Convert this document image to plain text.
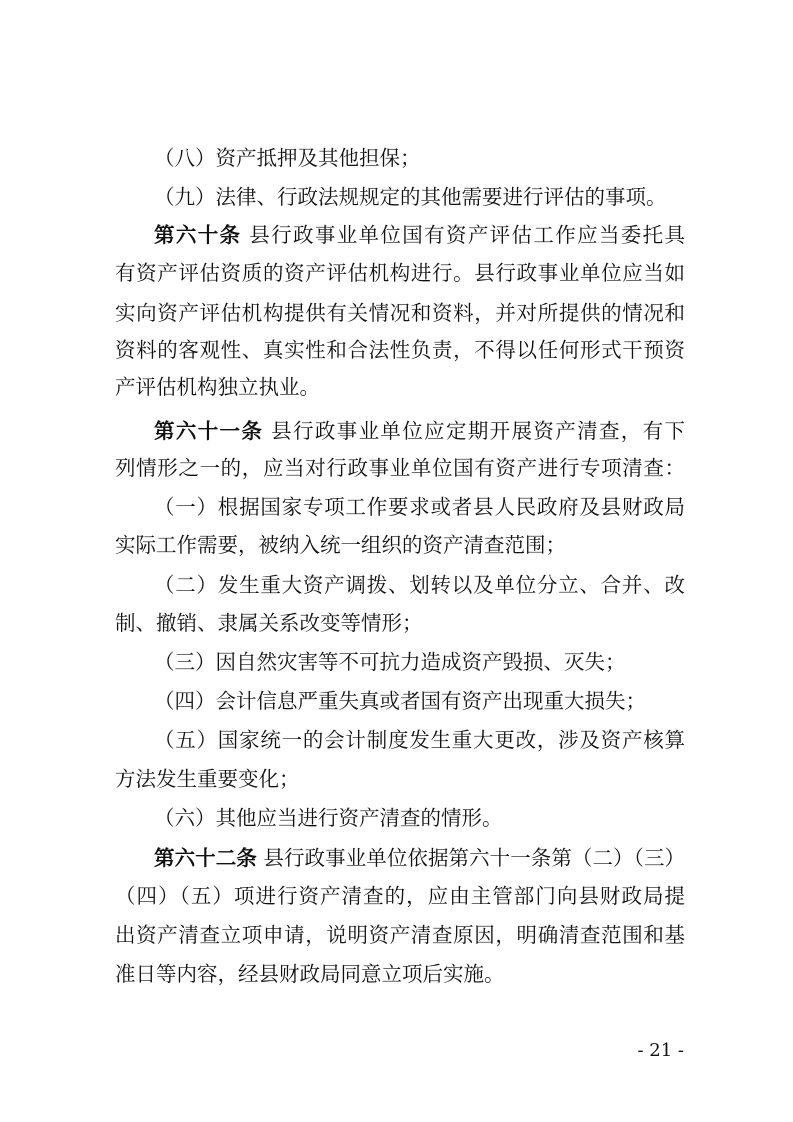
（八）资产抵押及其他担保；
（九）法律、行政法规规定的其他需要进行评估的事项。
第六十条 县行政事业单位国有资产评估工作应当委托具
有资产评估资质的资产评估机构进行。县行政事业单位应当如
实向资产评估机构提供有关情况和资料，并对所提供的情况和
资料的客观性、真实性和合法性负责，不得以任何形式干预资
产评估机构独立执业。
第六十一条 县行政事业单位应定期开展资产清查，有下
列情形之一的，应当对行政事业单位国有资产进行专项清查：
（一）根据国家专项工作要求或者县人民政府及县财政局
实际工作需要，被纳入统一组织的资产清查范围；
（二）发生重大资产调拨、划转以及单位分立、合并、改
制、撤销、隶属关系改变等情形；
（三）因自然灾害等不可抗力造成资产毁损、灭失；
（四）会计信息严重失真或者国有资产出现重大损失；
（五）国家统一的会计制度发生重大更改，涉及资产核算
方法发生重要变化；
（六）其他应当进行资产清查的情形。
第六十二条 县行政事业单位依据第六十一条第（二）（三）
（四）（五）项进行资产清查的，应由主管部门向县财政局提
出资产清查立项申请，说明资产清查原因，明确清查范围和基
准日等内容，经县财政局同意立项后实施。
- 21 -
